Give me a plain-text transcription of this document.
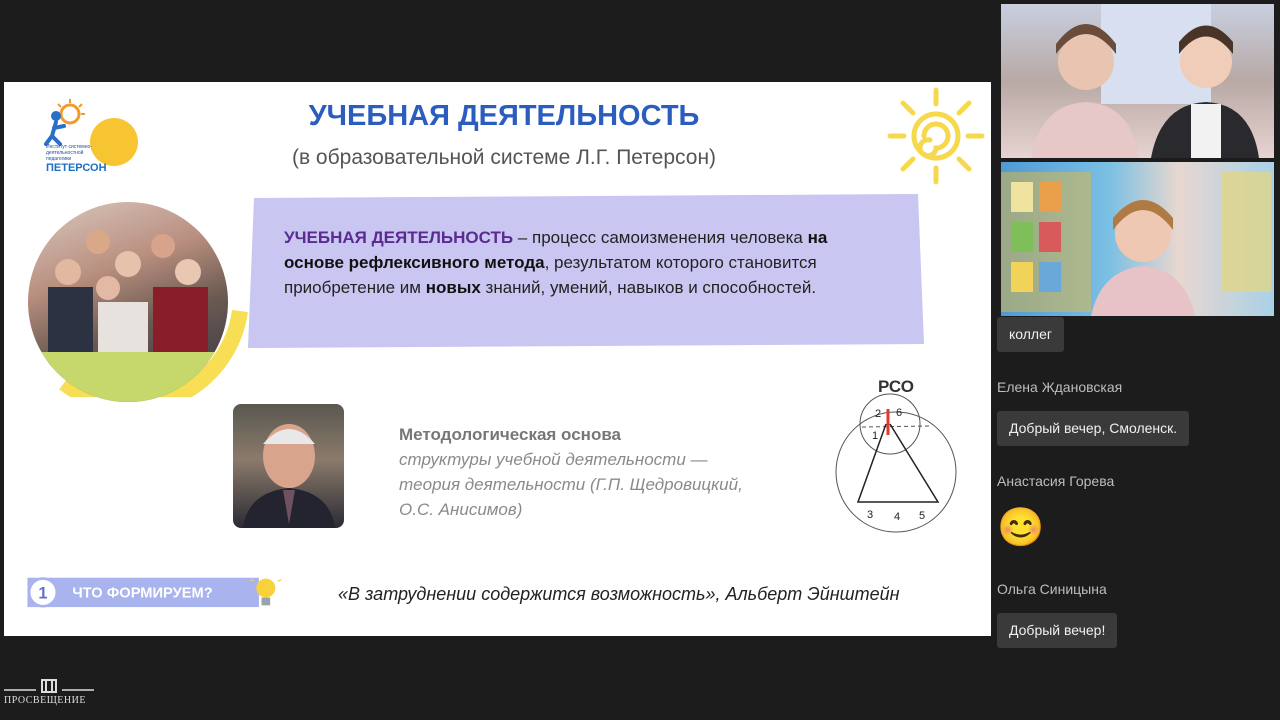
Институт системно-деятельностной педагогики
ПЕТЕРСОН
УЧЕБНАЯ ДЕЯТЕЛЬНОСТЬ
(в образовательной системе Л.Г. Петерсон)
УЧЕБНАЯ ДЕЯТЕЛЬНОСТЬ – процесс самоизменения человека на основе рефлексивного метода, результатом которого становится приобретение им новых знаний, умений, навыков и способностей.
Методологическая основа
структуры учебной деятельности —
теория деятельности (Г.П. Щедровицкий,
О.С. Анисимов)
РСО
2 6
1
3 4 5
1 ЧТО ФОРМИРУЕМ?	«В затруднении содержится возможность», Альберт Эйнштейн
коллег
Елена Ждановская
Добрый вечер, Смоленск.
Анастасия Горева
😊
Ольга Синицына
Добрый вечер!
ПРОСВЕЩЕНИЕ
